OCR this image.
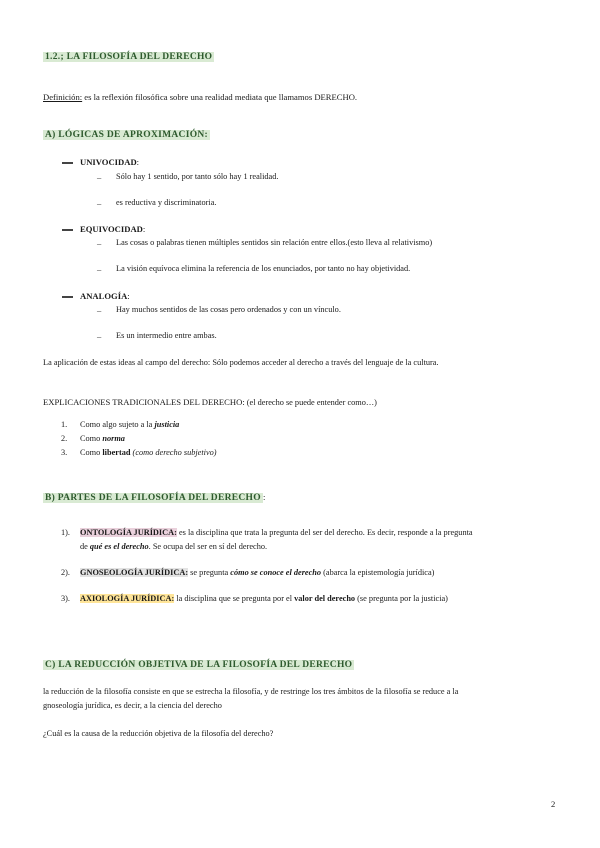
1.2.; LA FILOSOFÍA DEL DERECHO
Definición: es la reflexión filosófica sobre una realidad mediata que llamamos DERECHO.
A) LÓGICAS DE APROXIMACIÓN:
UNIVOCIDAD:
– Sólo hay 1 sentido, por tanto sólo hay 1 realidad.
– es reductiva y discriminatoria.
EQUIVOCIDAD:
– Las cosas o palabras tienen múltiples sentidos sin relación entre ellos.(esto lleva al relativismo)
– La visión equívoca elimina la referencia de los enunciados, por tanto no hay objetividad.
ANALOGÍA:
– Hay muchos sentidos de las cosas pero ordenados y con un vínculo.
– Es un intermedio entre ambas.
La aplicación de estas ideas al campo del derecho: Sólo podemos acceder al derecho a través del lenguaje de la cultura.
EXPLICACIONES TRADICIONALES DEL DERECHO: (el derecho se puede entender como…)
1. Como algo sujeto a la justicia
2. Como norma
3. Como libertad (como derecho subjetivo)
B) PARTES DE LA FILOSOFÍA DEL DERECHO :
1). ONTOLOGÍA JURÍDICA: es la disciplina que trata la pregunta del ser del derecho. Es decir, responde a la pregunta
de qué es el derecho. Se ocupa del ser en sí del derecho.
2). GNOSEOLOGÍA JURÍDICA: se pregunta cómo se conoce el derecho (abarca la epistemología jurídica)
3). AXIOLOGÍA JURÍDICA: la disciplina que se pregunta por el valor del derecho (se pregunta por la justicia)
C) LA REDUCCIÓN OBJETIVA DE LA FILOSOFÍA DEL DERECHO
la reducción de la filosofía consiste en que se estrecha la filosofía, y de restringe los tres ámbitos de la filosofía se reduce a la
gnoseología jurídica, es decir, a la ciencia del derecho
¿Cuál es la causa de la reducción objetiva de la filosofía del derecho?
2
